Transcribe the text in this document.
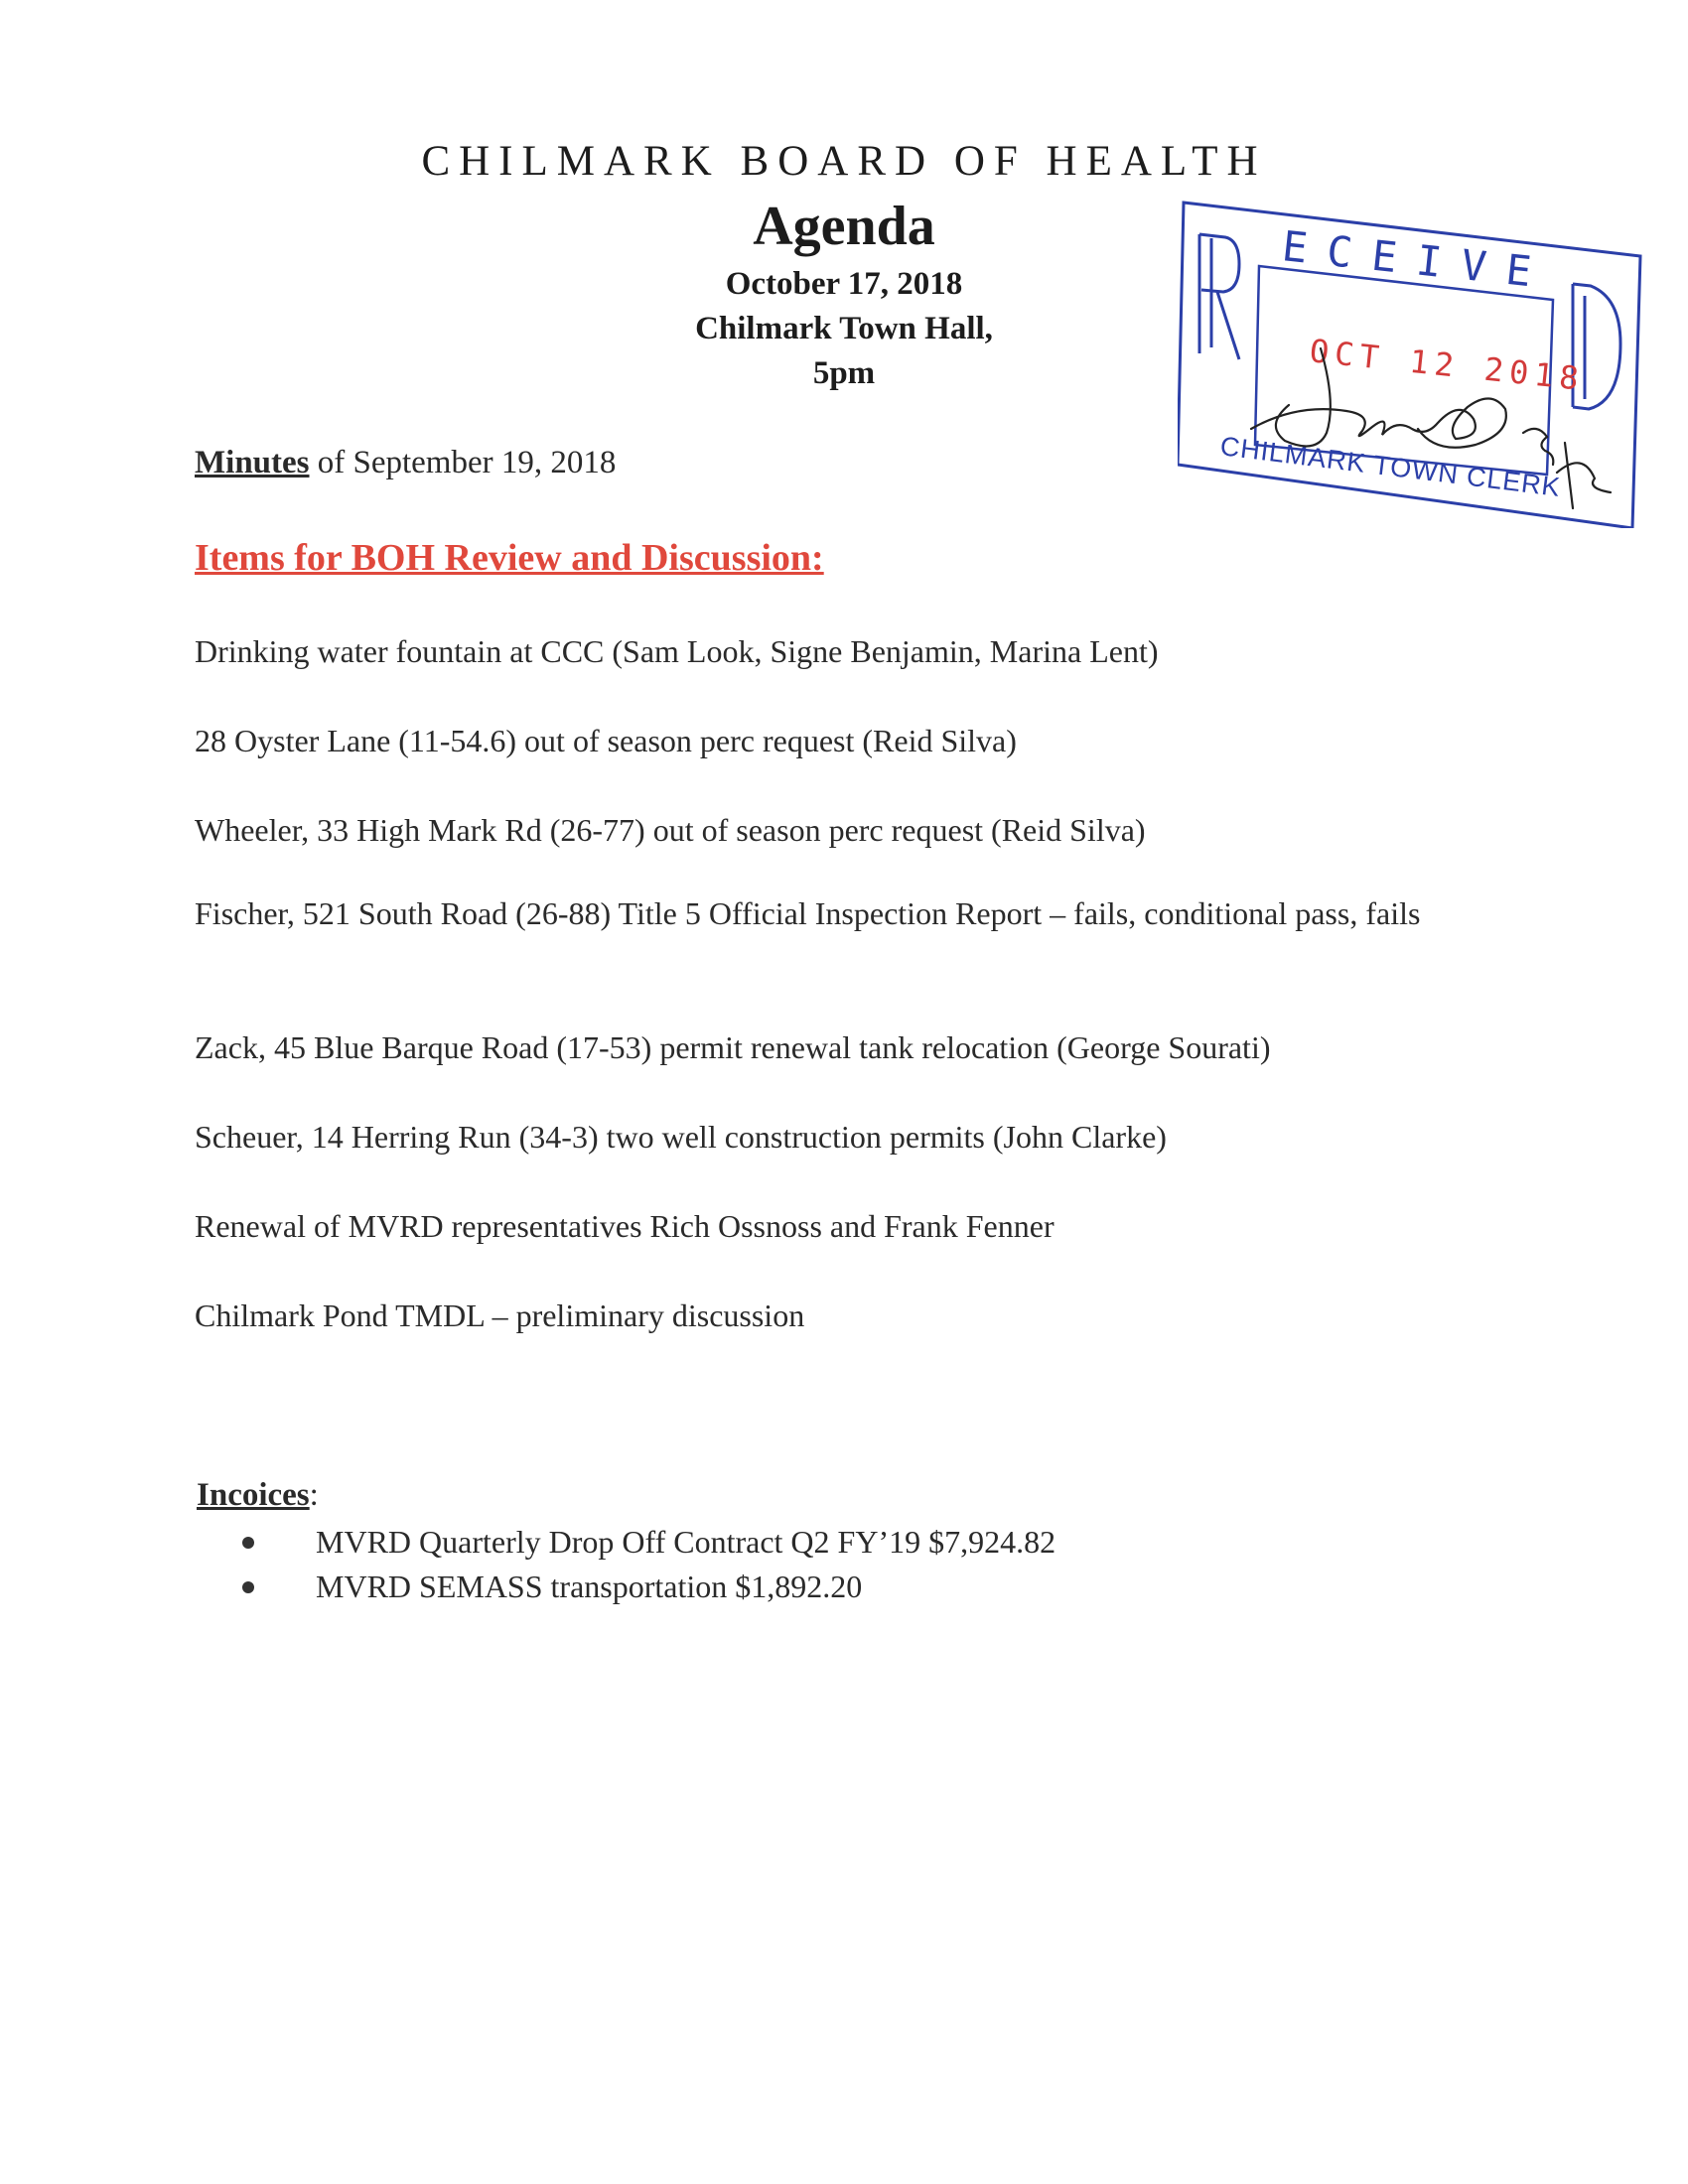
CHILMARK BOARD OF HEALTH
Agenda
October 17, 2018
Chilmark Town Hall,
5pm
Minutes of September 19, 2018
Items for BOH Review and Discussion:
Drinking water fountain at CCC (Sam Look, Signe Benjamin, Marina Lent)
28 Oyster Lane (11-54.6) out of season perc request (Reid Silva)
Wheeler, 33 High Mark Rd (26-77) out of season perc request (Reid Silva)
Fischer, 521 South Road (26-88) Title 5 Official Inspection Report – fails, conditional pass, fails
Zack, 45 Blue Barque Road (17-53) permit renewal tank relocation (George Sourati)
Scheuer, 14 Herring Run (34-3) two well construction permits (John Clarke)
Renewal of MVRD representatives Rich Ossnoss and Frank Fenner
Chilmark Pond TMDL – preliminary discussion
Incoices:
MVRD Quarterly Drop Off Contract Q2 FY’19 $7,924.82
MVRD SEMASS transportation $1,892.20
ECEIVE
OCT 12 2018
CHILMARK TOWN CLERK
